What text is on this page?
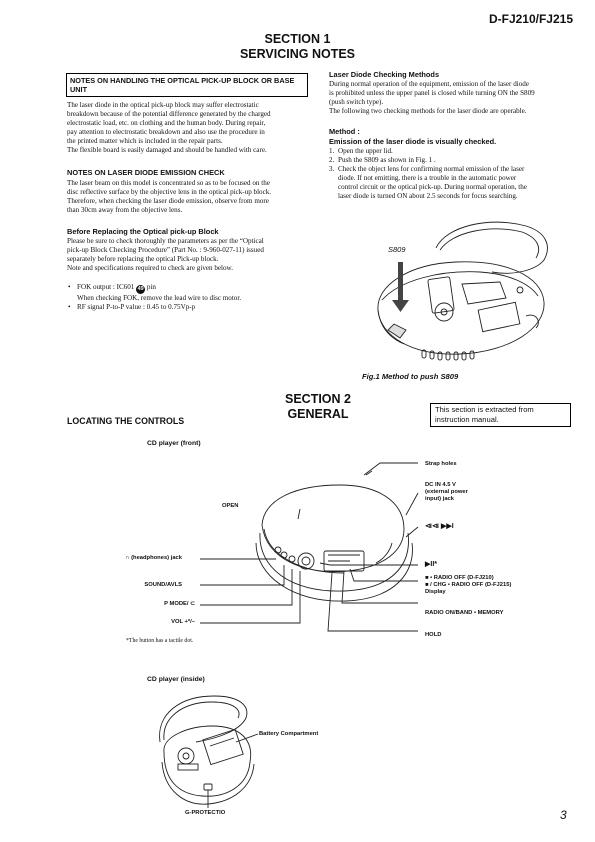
D-FJ210/FJ215
SECTION 1
SERVICING NOTES
NOTES ON HANDLING THE OPTICAL PICK-UP BLOCK OR BASE UNIT
The laser diode in the optical pick-up block may suffer electrostatic
breakdown because of the potential difference generated by the charged
electrostatic load, etc. on clothing and the human body. During repair,
pay attention to electrostatic breakdown and also use the procedure in
the printed matter which is included in the repair parts.
The flexible board is easily damaged and should be handled with care.
NOTES ON LASER DIODE EMISSION CHECK
The laser beam on this model is concentrated so as to be focused on the
disc reflective surface by the objective lens in the optical pick-up block.
Therefore, when checking the laser diode emission, observe from more
than 30cm away from the objective lens.
Before Replacing the Optical pick-up Block
Please be sure to check thoroughly the parameters as per the “Optical
pick-up Block Checking Procedure” (Part No. : 9-960-027-11) issued
separately before replacing the optical Pick-up block.
Note and specifications required to check are given below.
• FOK output : IC601 49 pin
When checking FOK, remove the lead wire to disc motor.
• RF signal P-to-P value : 0.45 to 0.75Vp-p
Laser Diode Checking Methods
During normal operation of the equipment, emission of the laser diode
is prohibited unless the upper panel is closed while turning ON the S809
(push switch type).
The following two checking methods for the laser diode are operable.
Method :
Emission of the laser diode is visually checked.
1. Open the upper lid.
2. Push the S809 as shown in Fig. 1 .
3. Check the object lens for confirming normal emission of the laser
diode. If not emitting, there is a trouble in the automatic power
control circuit or the optical pick-up. During normal operation, the
laser diode is turned ON about 2.5 seconds for focus searching.
S809
Fig.1 Method to push S809
SECTION 2
GENERAL
LOCATING THE CONTROLS
This section is extracted from
instruction manual.
CD player (front)
Strap holes
DC IN 4.5 V
(external power
input) jack
⧏⧏ ▶▶I
▶II*
■ • RADIO OFF (D-FJ210)
■ / CHG • RADIO OFF (D-FJ215)
Display
RADIO ON/BAND • MEMORY
HOLD
OPEN
∩ (headphones) jack
SOUND/AVLS
P MODE/ ⊂
VOL +*/–
*The button has a tactile dot.
CD player (inside)
Battery Compartment
G-PROTECTIO	3
